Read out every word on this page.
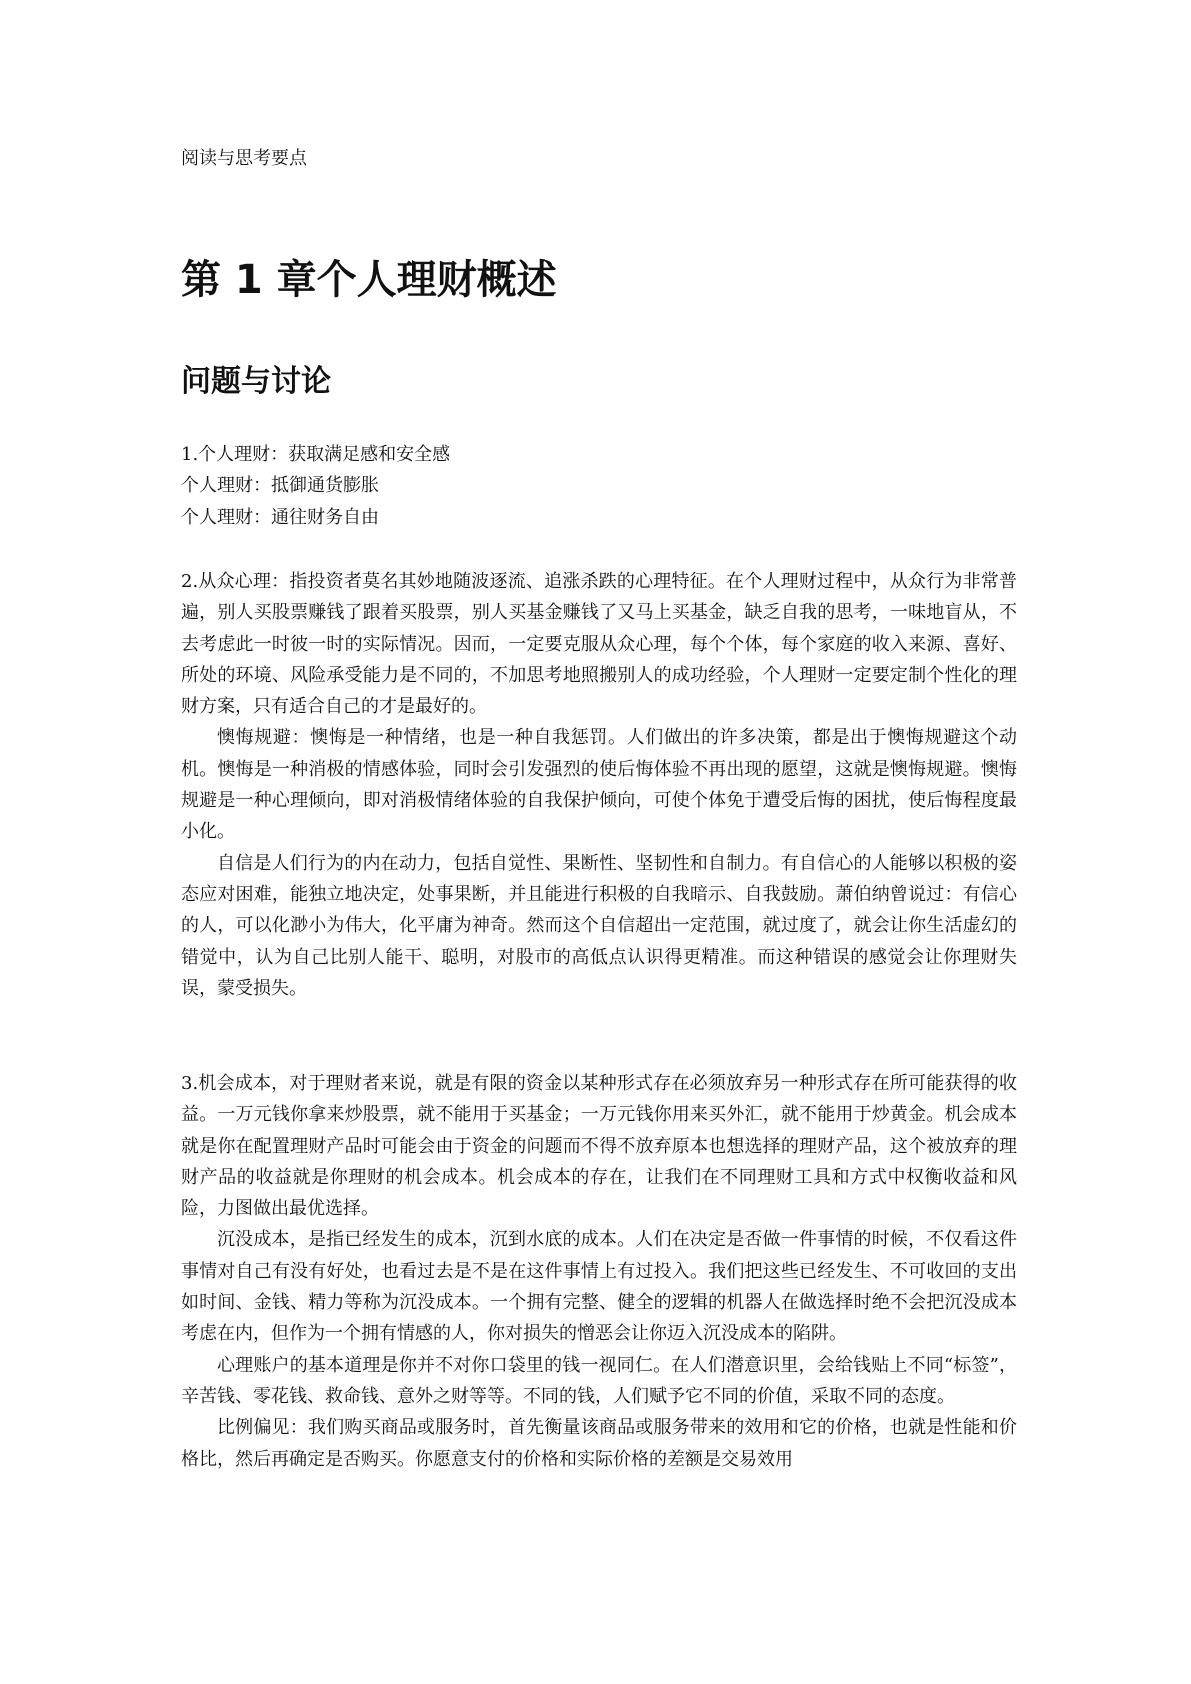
阅读与思考要点
第 1 章个人理财概述
问题与讨论

1.个人理财：获取满足感和安全感

个人理财：抵御通货膨胀

个人理财：通往财务自由

2.从众心理：指投资者莫名其妙地随波逐流、追涨杀跌的心理特征。在个人理财过程中，从众行为非常普遍，别人买股票赚钱了跟着买股票，别人买基金赚钱了又马上买基金，缺乏自我的思考，一味地盲从，不去考虑此一时彼一时的实际情况。因而，一定要克服从众心理，每个个体，每个家庭的收入来源、喜好、所处的环境、风险承受能力是不同的，不加思考地照搬别人的成功经验，个人理财一定要定制个性化的理财方案，只有适合自己的才是最好的。

懊悔规避：懊悔是一种情绪，也是一种自我惩罚。人们做出的许多决策，都是出于懊悔规避这个动机。懊悔是一种消极的情感体验，同时会引发强烈的使后悔体验不再出现的愿望，这就是懊悔规避。懊悔规避是一种心理倾向，即对消极情绪体验的自我保护倾向，可使个体免于遭受后悔的困扰，使后悔程度最小化。

自信是人们行为的内在动力，包括自觉性、果断性、坚韧性和自制力。有自信心的人能够以积极的姿态应对困难，能独立地决定，处事果断，并且能进行积极的自我暗示、自我鼓励。萧伯纳曾说过：有信心的人，可以化渺小为伟大，化平庸为神奇。然而这个自信超出一定范围，就过度了，就会让你生活虚幻的错觉中，认为自己比别人能干、聪明，对股市的高低点认识得更精准。而这种错误的感觉会让你理财失误，蒙受损失。

3.机会成本，对于理财者来说，就是有限的资金以某种形式存在必须放弃另一种形式存在所可能获得的收益。一万元钱你拿来炒股票，就不能用于买基金；一万元钱你用来买外汇，就不能用于炒黄金。机会成本就是你在配置理财产品时可能会由于资金的问题而不得不放弃原本也想选择的理财产品，这个被放弃的理财产品的收益就是你理财的机会成本。机会成本的存在，让我们在不同理财工具和方式中权衡收益和风险，力图做出最优选择。

沉没成本，是指已经发生的成本，沉到水底的成本。人们在决定是否做一件事情的时候，不仅看这件事情对自己有没有好处，也看过去是不是在这件事情上有过投入。我们把这些已经发生、不可收回的支出如时间、金钱、精力等称为沉没成本。一个拥有完整、健全的逻辑的机器人在做选择时绝不会把沉没成本考虑在内，但作为一个拥有情感的人，你对损失的憎恶会让你迈入沉没成本的陷阱。

心理账户的基本道理是你并不对你口袋里的钱一视同仁。在人们潜意识里，会给钱贴上不同“标签”，辛苦钱、零花钱、救命钱、意外之财等等。不同的钱，人们赋予它不同的价值，采取不同的态度。

比例偏见：我们购买商品或服务时，首先衡量该商品或服务带来的效用和它的价格，也就是性能和价格比，然后再确定是否购买。你愿意支付的价格和实际价格的差额是交易效用
